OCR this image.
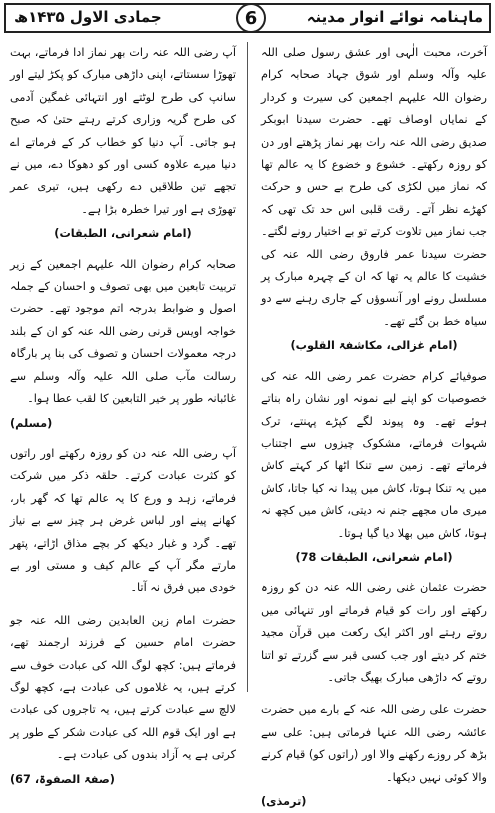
ماہنامہ نوائے انوار مدینہ
جمادی الاول ۱۴۳۵ھ	6

آخرت، محبت الٰہی اور عشق رسول صلی اللہ علیہ وآلہ وسلم اور شوق جہاد صحابہ کرام رضوان اللہ علیہم اجمعین کی سیرت و کردار کے نمایاں اوصاف تھے۔ حضرت سیدنا ابوبکر صدیق رضی اللہ عنہ رات بھر نماز پڑھتے اور دن کو روزہ رکھتے۔ خشوع و خضوع کا یہ عالم تھا کہ نماز میں لکڑی کی طرح بے حس و حرکت کھڑے نظر آتے۔ رقت قلبی اس حد تک تھی کہ جب نماز میں تلاوت کرتے تو بے اختیار رونے لگتے۔ حضرت سیدنا عمر فاروق رضی اللہ عنہ کی خشیت کا عالم یہ تھا کہ ان کے چہرہ مبارک پر مسلسل رونے اور آنسوؤں کے جاری رہنے سے دو سیاہ خط بن گئے تھے۔

(امام غزالی، مکاشفۃ القلوب)

صوفیائے کرام حضرت عمر رضی اللہ عنہ کی خصوصیات کو اپنے لیے نمونہ اور نشان راہ بناتے ہوئے تھے۔ وہ پیوند لگے کپڑے پہنتے، ترک شہوات فرماتے، مشکوک چیزوں سے اجتناب فرماتے تھے۔ زمین سے تنکا اٹھا کر کہتے کاش میں یہ تنکا ہوتا، کاش میں پیدا نہ کیا جاتا، کاش میری ماں مجھے جنم نہ دیتی، کاش میں کچھ نہ ہوتا، کاش میں بھلا دیا گیا ہوتا۔

(امام شعرانی، الطبقات 78)

حضرت عثمان غنی رضی اللہ عنہ دن کو روزہ رکھتے اور رات کو قیام فرماتے اور تنہائی میں روتے رہتے اور اکثر ایک رکعت میں قرآن مجید ختم کر دیتے اور جب کسی قبر سے گزرتے تو اتنا روتے کہ داڑھی مبارک بھیگ جاتی۔

حضرت علی رضی اللہ عنہ کے بارے میں حضرت عائشہ رضی اللہ عنہا فرماتی ہیں: علی سے بڑھ کر روزے رکھنے والا اور (راتوں کو) قیام کرنے والا کوئی نہیں دیکھا۔

(ترمذی)

آپ رضی اللہ عنہ رات بھر نماز ادا فرماتے، بہت تھوڑا سستاتے، اپنی داڑھی مبارک کو پکڑ لیتے اور سانپ کی طرح لوٹتے اور انتہائی غمگین آدمی کی طرح گریہ وزاری کرتے رہتے حتیٰ کہ صبح ہو جاتی۔ آپ دنیا کو خطاب کر کے فرماتے اے دنیا میرے علاوہ کسی اور کو دھوکا دے، میں نے تجھے تین طلاقیں دے رکھی ہیں، تیری عمر تھوڑی ہے اور تیرا خطرہ بڑا ہے۔

(امام شعرانی، الطبقات)

صحابہ کرام رضوان اللہ علیہم اجمعین کے زیر تربیت تابعین میں بھی تصوف و احسان کے جملہ اصول و ضوابط بدرجہ اتم موجود تھے۔ حضرت خواجہ اویس قرنی رضی اللہ عنہ کو ان کے بلند درجہ معمولات احسان و تصوف کی بنا پر بارگاہ رسالت مآب صلی اللہ علیہ وآلہ وسلم سے غائبانہ طور پر خیر التابعین کا لقب عطا ہوا۔

(مسلم)

آپ رضی اللہ عنہ دن کو روزہ رکھتے اور راتوں کو کثرت عبادت کرتے۔ حلقہ ذکر میں شرکت فرماتے، زہد و ورع کا یہ عالم تھا کہ گھر بار، کھانے پینے اور لباس غرض ہر چیز سے بے نیاز تھے۔ گرد و غبار دیکھ کر بچے مذاق اڑاتے، پتھر مارتے مگر آپ کے عالم کیف و مستی اور بے خودی میں فرق نہ آتا۔

حضرت امام زین العابدین رضی اللہ عنہ جو حضرت امام حسین کے فرزند ارجمند تھے، فرماتے ہیں: کچھ لوگ اللہ کی عبادت خوف سے کرتے ہیں، یہ غلاموں کی عبادت ہے، کچھ لوگ لالچ سے عبادت کرتے ہیں، یہ تاجروں کی عبادت ہے اور ایک قوم اللہ کی عبادت شکر کے طور پر کرتی ہے یہ آزاد بندوں کی عبادت ہے۔

(صفۃ الصفوۃ، 67)
